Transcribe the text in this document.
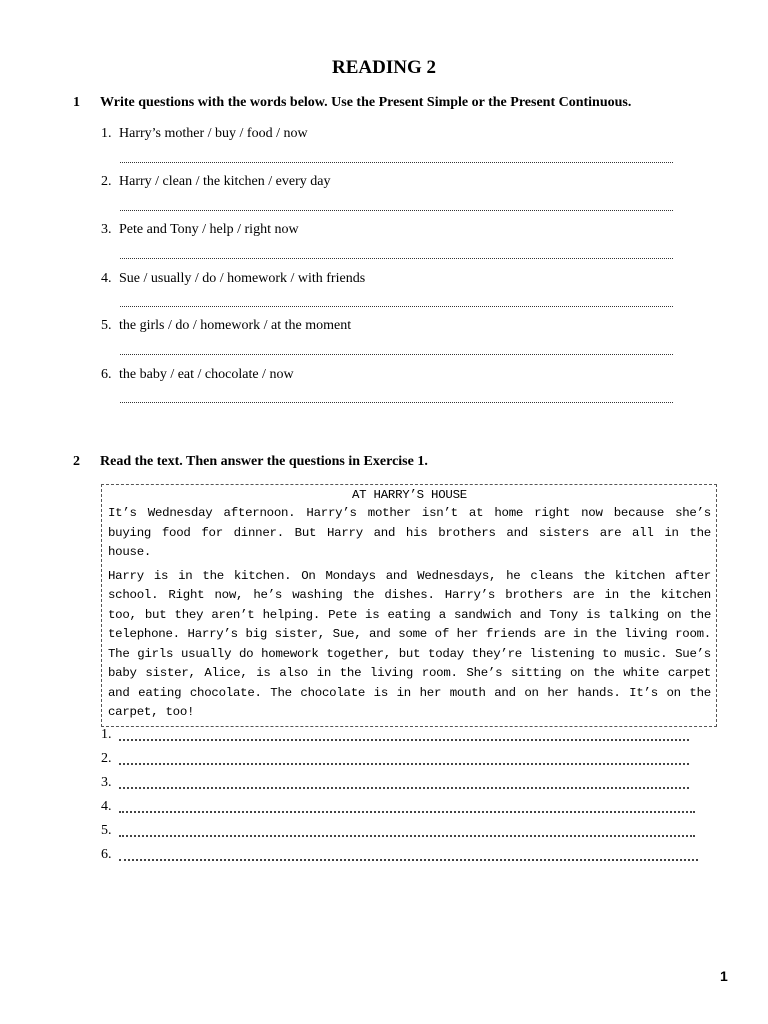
READING 2
1 Write questions with the words below. Use the Present Simple or the Present Continuous.
1. Harry’s mother / buy / food / now
2. Harry / clean / the kitchen / every day
3. Pete and Tony / help / right now
4. Sue / usually / do / homework / with friends
5. the girls / do / homework / at the moment
6. the baby / eat / chocolate / now
2 Read the text. Then answer the questions in Exercise 1.
AT HARRY’S HOUSE

It’s Wednesday afternoon. Harry’s mother isn’t at home right now because she’s buying food for dinner. But Harry and his brothers and sisters are all in the house.

Harry is in the kitchen. On Mondays and Wednesdays, he cleans the kitchen after school. Right now, he’s washing the dishes. Harry’s brothers are in the kitchen too, but they aren’t helping. Pete is eating a sandwich and Tony is talking on the telephone. Harry’s big sister, Sue, and some of her friends are in the living room. The girls usually do homework together, but today they’re listening to music. Sue’s baby sister, Alice, is also in the living room. She’s sitting on the white carpet and eating chocolate. The chocolate is in her mouth and on her hands. It’s on the carpet, too!

1.
2.
3.
4.
5.
6.
1
